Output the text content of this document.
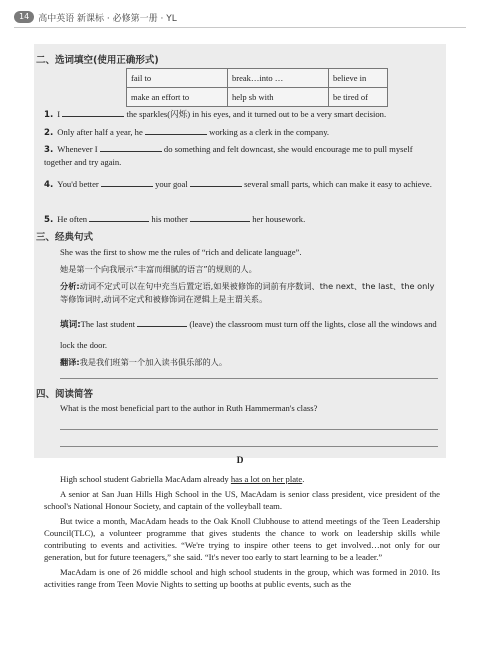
14	高中英语 新课标 · 必修第一册 · YL
二、选词填空(使用正确形式)
fail to	break…into …	believe in
make an effort to	help sb with	be tired of
1. I	the sparkles(闪烁) in his eyes, and it turned out to be a very smart decision.
2. Only after half a year, he	working as a clerk in the company.
3. Whenever I	do something and felt downcast, she would encourage me to pull myself together and try again.
4. You'd better	your goal	several small parts, which can make it easy to achieve.
5. He often	his mother	her housework.
三、经典句式
She was the first to show me the rules of “rich and delicate language”.
她是第一个向我展示“丰富而细腻的语言”的规则的人。
分析:动词不定式可以在句中充当后置定语,如果被修饰的词前有序数词、the next、the last、the only 等修饰词时,动词不定式和被修饰词在逻辑上是主谓关系。
填词:The last student	(leave) the classroom must turn off the lights, close all the windows and lock the door.
翻译:我是我们班第一个加入读书俱乐部的人。
四、阅读简答
What is the most beneficial part to the author in Ruth Hammerman's class?
D

High school student Gabriella MacAdam already has a lot on her plate.

A senior at San Juan Hills High School in the US, MacAdam is senior class president, vice president of the school's National Honour Society, and captain of the volleyball team.

But twice a month, MacAdam heads to the Oak Knoll Clubhouse to attend meetings of the Teen Leadership Council(TLC), a volunteer programme that gives students the chance to work on leadership skills while contributing to events and activities. “We're trying to inspire other teens to get involved…not only for our generation, but for future teenagers,” she said. “It's never too early to start learning to be a leader.”

MacAdam is one of 26 middle school and high school students in the group, which was formed in 2010. Its activities range from Teen Movie Nights to setting up booths at public events, such as the
